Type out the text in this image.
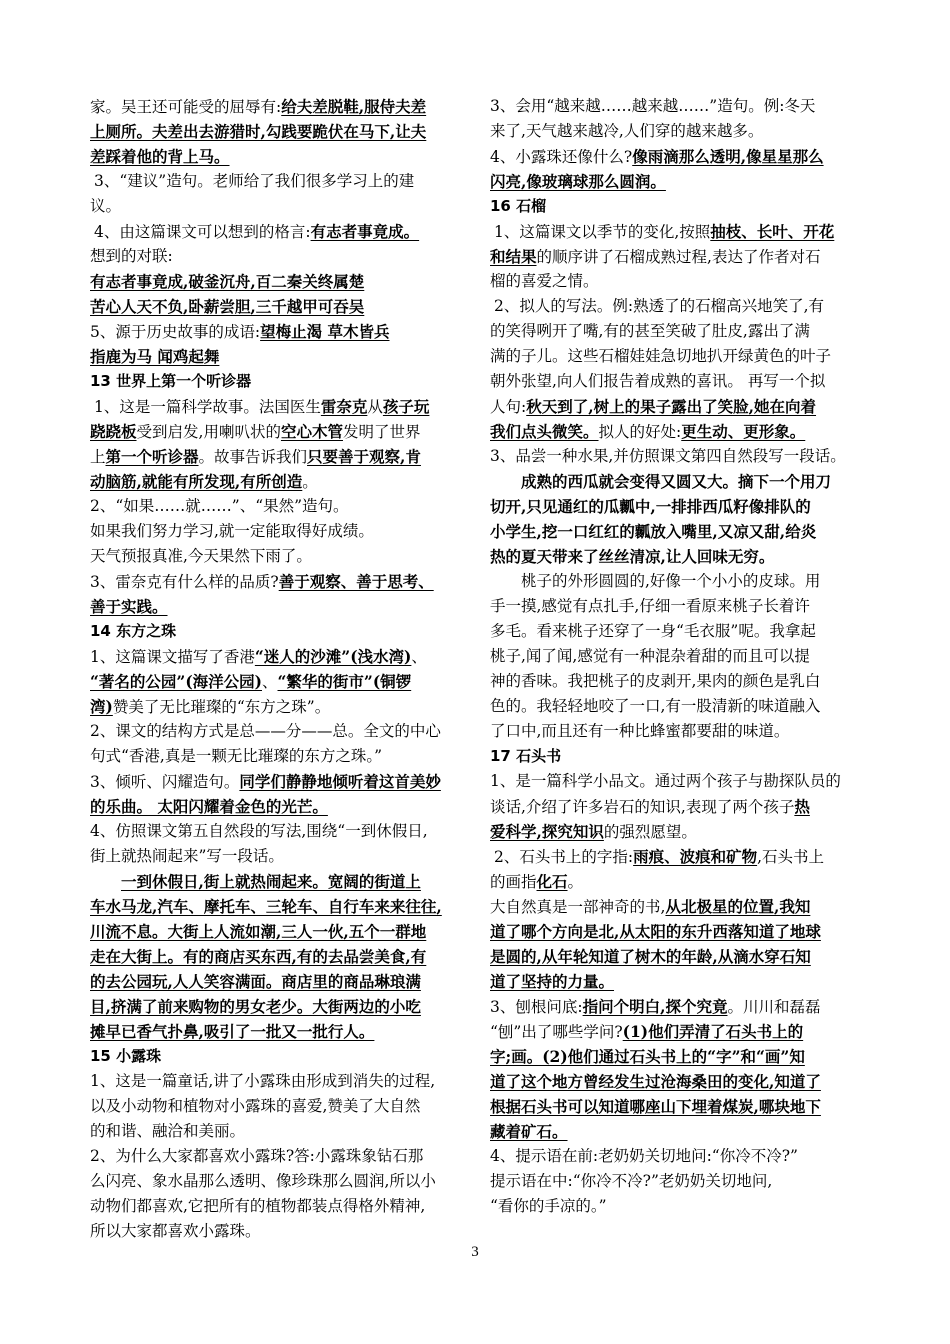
家。吴王还可能受的屈辱有:给夫差脱鞋,服侍夫差
上厕所。夫差出去游猎时,勾践要跪伏在马下,让夫
差踩着他的背上马。
3、“建议”造句。老师给了我们很多学习上的建
议。
4、由这篇课文可以想到的格言:有志者事竟成。
想到的对联:
有志者事竟成,破釜沉舟,百二秦关终属楚
苦心人天不负,卧薪尝胆,三千越甲可吞吴
5、源于历史故事的成语:望梅止渴 草木皆兵
指鹿为马 闻鸡起舞
13 世界上第一个听诊器
1、这是一篇科学故事。法国医生雷奈克从孩子玩
跷跷板受到启发,用喇叭状的空心木管发明了世界
上第一个听诊器。故事告诉我们只要善于观察,肯
动脑筋,就能有所发现,有所创造。
2、“如果……就……”、“果然”造句。
如果我们努力学习,就一定能取得好成绩。
天气预报真准,今天果然下雨了。
3、雷奈克有什么样的品质?善于观察、善于思考、
善于实践。
14 东方之珠
1、这篇课文描写了香港“迷人的沙滩”(浅水湾)、
“著名的公园”(海洋公园)、“繁华的街市”(铜锣
湾)赞美了无比璀璨的“东方之珠”。
2、课文的结构方式是总——分——总。全文的中心
句式“香港,真是一颗无比璀璨的东方之珠。”
3、倾听、闪耀造句。同学们静静地倾听着这首美妙
的乐曲。 太阳闪耀着金色的光芒。
4、仿照课文第五自然段的写法,围绕“一到休假日,
街上就热闹起来”写一段话。
一到休假日,街上就热闹起来。宽阔的街道上
车水马龙,汽车、摩托车、三轮车、自行车来来往往,
川流不息。大街上人流如潮,三人一伙,五个一群地
走在大街上。有的商店买东西,有的去品尝美食,有
的去公园玩,人人笑容满面。商店里的商品琳琅满
目,挤满了前来购物的男女老少。大街两边的小吃
摊早已香气扑鼻,吸引了一批又一批行人。
15 小露珠
1、这是一篇童话,讲了小露珠由形成到消失的过程,
以及小动物和植物对小露珠的喜爱,赞美了大自然
的和谐、融洽和美丽。
2、为什么大家都喜欢小露珠?答:小露珠象钻石那
么闪亮、象水晶那么透明、像珍珠那么圆润,所以小
动物们都喜欢,它把所有的植物都装点得格外精神,
所以大家都喜欢小露珠。
3、会用“越来越……越来越……”造句。例:冬天
来了,天气越来越冷,人们穿的越来越多。
4、小露珠还像什么?像雨滴那么透明,像星星那么
闪亮,像玻璃球那么圆润。
16 石榴
1、这篇课文以季节的变化,按照抽枝、长叶、开花
和结果的顺序讲了石榴成熟过程,表达了作者对石
榴的喜爱之情。
2、拟人的写法。例:熟透了的石榴高兴地笑了,有
的笑得咧开了嘴,有的甚至笑破了肚皮,露出了满
满的子儿。这些石榴娃娃急切地扒开绿黄色的叶子
朝外张望,向人们报告着成熟的喜讯。 再写一个拟
人句:秋天到了,树上的果子露出了笑脸,她在向着
我们点头微笑。拟人的好处:更生动、更形象。
3、品尝一种水果,并仿照课文第四自然段写一段话。
成熟的西瓜就会变得又圆又大。摘下一个用刀
切开,只见通红的瓜瓤中,一排排西瓜籽像排队的
小学生,挖一口红红的瓤放入嘴里,又凉又甜,给炎
热的夏天带来了丝丝清凉,让人回味无穷。
桃子的外形圆圆的,好像一个小小的皮球。用
手一摸,感觉有点扎手,仔细一看原来桃子长着许
多毛。看来桃子还穿了一身“毛衣服”呢。我拿起
桃子,闻了闻,感觉有一种混杂着甜的而且可以提
神的香味。我把桃子的皮剥开,果肉的颜色是乳白
色的。我轻轻地咬了一口,有一股清新的味道融入
了口中,而且还有一种比蜂蜜都要甜的味道。
17 石头书
1、是一篇科学小品文。通过两个孩子与勘探队员的
谈话,介绍了许多岩石的知识,表现了两个孩子热
爱科学,探究知识的强烈愿望。
2、石头书上的字指:雨痕、波痕和矿物,石头书上
的画指化石。
大自然真是一部神奇的书,从北极星的位置,我知
道了哪个方向是北,从太阳的东升西落知道了地球
是圆的,从年轮知道了树木的年龄,从滴水穿石知
道了坚持的力量。
3、刨根问底:指问个明白,探个究竟。川川和磊磊
“刨”出了哪些学问?(1)他们弄清了石头书上的
字;画。(2)他们通过石头书上的“字”和“画”知
道了这个地方曾经发生过沧海桑田的变化,知道了
根据石头书可以知道哪座山下埋着煤炭,哪块地下
藏着矿石。
4、提示语在前:老奶奶关切地问:“你冷不冷?”
提示语在中:“你冷不冷?”老奶奶关切地问,
“看你的手凉的。”
3
